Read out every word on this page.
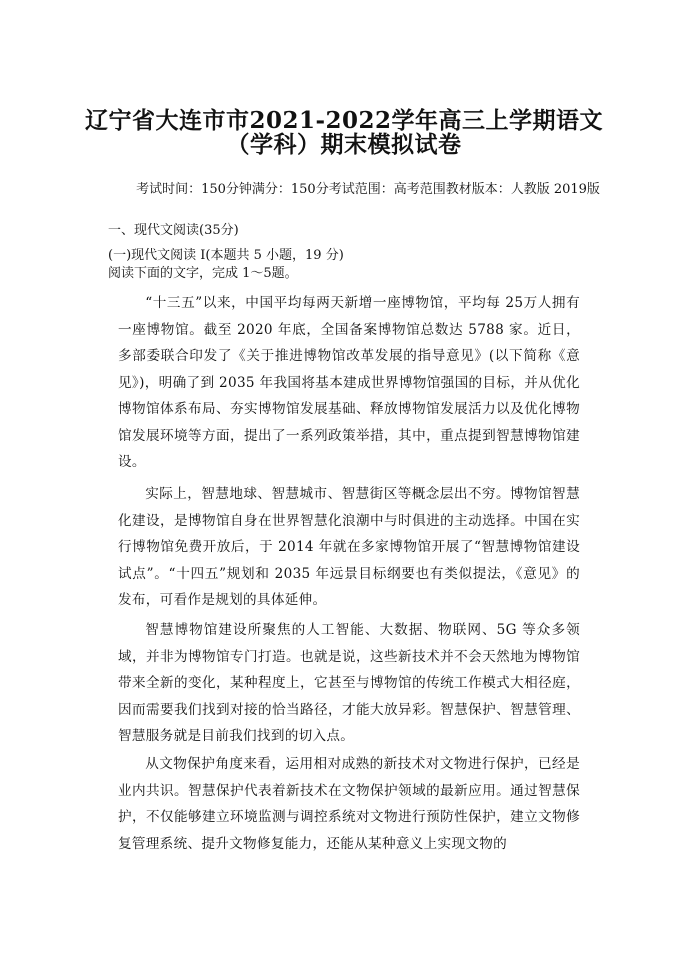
辽宁省大连市市2021-2022学年高三上学期语文
（学科）期末模拟试卷
考试时间：150分钟满分：150分考试范围：高考范围教材版本：人教版 2019版
一、现代文阅读(35分)
(一)现代文阅读 I(本题共 5 小题，19 分)
阅读下面的文字，完成 1～5题。
“十三五”以来，中国平均每两天新增一座博物馆，平均每 25万人拥有一座博物馆。截至 2020 年底，全国备案博物馆总数达 5788 家。近日，多部委联合印发了《关于推进博物馆改革发展的指导意见》(以下简称《意见》)，明确了到 2035 年我国将基本建成世界博物馆强国的目标，并从优化博物馆体系布局、夯实博物馆发展基础、释放博物馆发展活力以及优化博物馆发展环境等方面，提出了一系列政策举措，其中，重点提到智慧博物馆建设。
实际上，智慧地球、智慧城市、智慧街区等概念层出不穷。博物馆智慧化建设，是博物馆自身在世界智慧化浪潮中与时俱进的主动选择。中国在实行博物馆免费开放后，于 2014 年就在多家博物馆开展了“智慧博物馆建设试点”。“十四五”规划和 2035 年远景目标纲要也有类似提法，《意见》的发布，可看作是规划的具体延伸。
智慧博物馆建设所聚焦的人工智能、大数据、物联网、5G 等众多领域，并非为博物馆专门打造。也就是说，这些新技术并不会天然地为博物馆带来全新的变化，某种程度上，它甚至与博物馆的传统工作模式大相径庭，因而需要我们找到对接的恰当路径，才能大放异彩。智慧保护、智慧管理、智慧服务就是目前我们找到的切入点。
从文物保护角度来看，运用相对成熟的新技术对文物进行保护，已经是业内共识。智慧保护代表着新技术在文物保护领域的最新应用。通过智慧保护，不仅能够建立环境监测与调控系统对文物进行预防性保护，建立文物修复管理系统、提升文物修复能力，还能从某种意义上实现文物的
